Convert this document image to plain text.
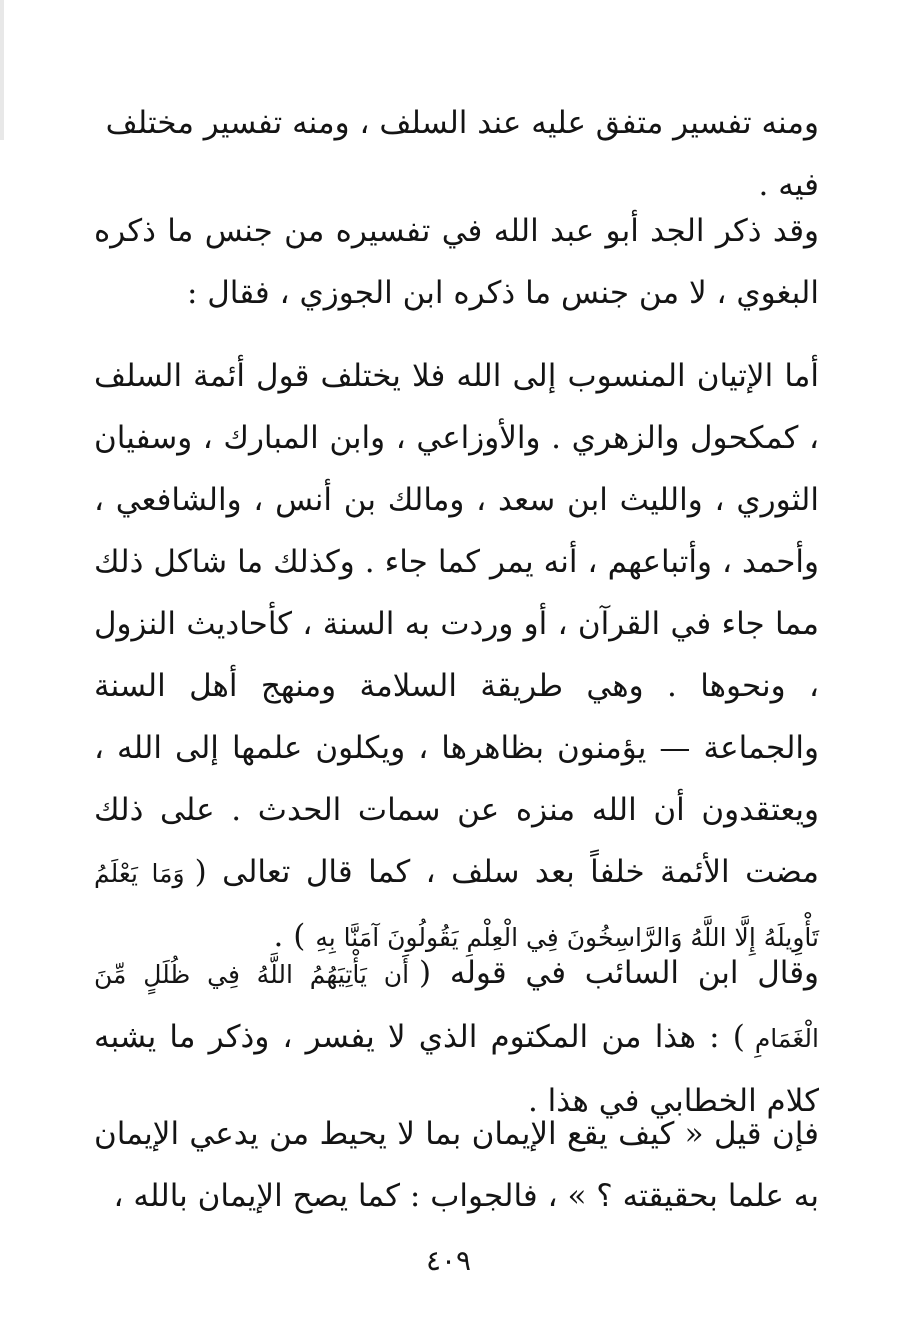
ومنه تفسير متفق عليه عند السلف ، ومنه تفسير مختلف فيه .

وقد ذكر الجد أبو عبد الله في تفسيره من جنس ما ذكره البغوي ، لا من جنس ما ذكره ابن الجوزي ، فقال :

أما الإتيان المنسوب إلى الله فلا يختلف قول أئمة السلف ، كمكحول والزهري . والأوزاعي ، وابن المبارك ، وسفيان الثوري ، والليث ابن سعد ، ومالك بن أنس ، والشافعي ، وأحمد ، وأتباعهم ، أنه يمر كما جاء . وكذلك ما شاكل ذلك مما جاء في القرآن ، أو وردت به السنة ، كأحاديث النزول ، ونحوها . وهي طريقة السلامة ومنهج أهل السنة والجماعة — يؤمنون بظاهرها ، ويكلون علمها إلى الله ، ويعتقدون أن الله منزه عن سمات الحدث . على ذلك مضت الأئمة خلفاً بعد سلف ، كما قال تعالى (وَمَا يَعْلَمُ تَأْوِيلَهُ إِلَّا اللَّهُ وَالرَّاسِخُونَ فِي الْعِلْمِ يَقُولُونَ آمَنَّا بِهِ) .

وقال ابن السائب في قوله (أَن يَأْتِيَهُمُ اللَّهُ فِي ظُلَلٍ مِّنَ الْغَمَامِ) : هذا من المكتوم الذي لا يفسر ، وذكر ما يشبه كلام الخطابي في هذا .

فإن قيل « كيف يقع الإيمان بما لا يحيط من يدعي الإيمان به علما بحقيقته ؟ » ، فالجواب : كما يصح الإيمان بالله ،

٤٠٩
